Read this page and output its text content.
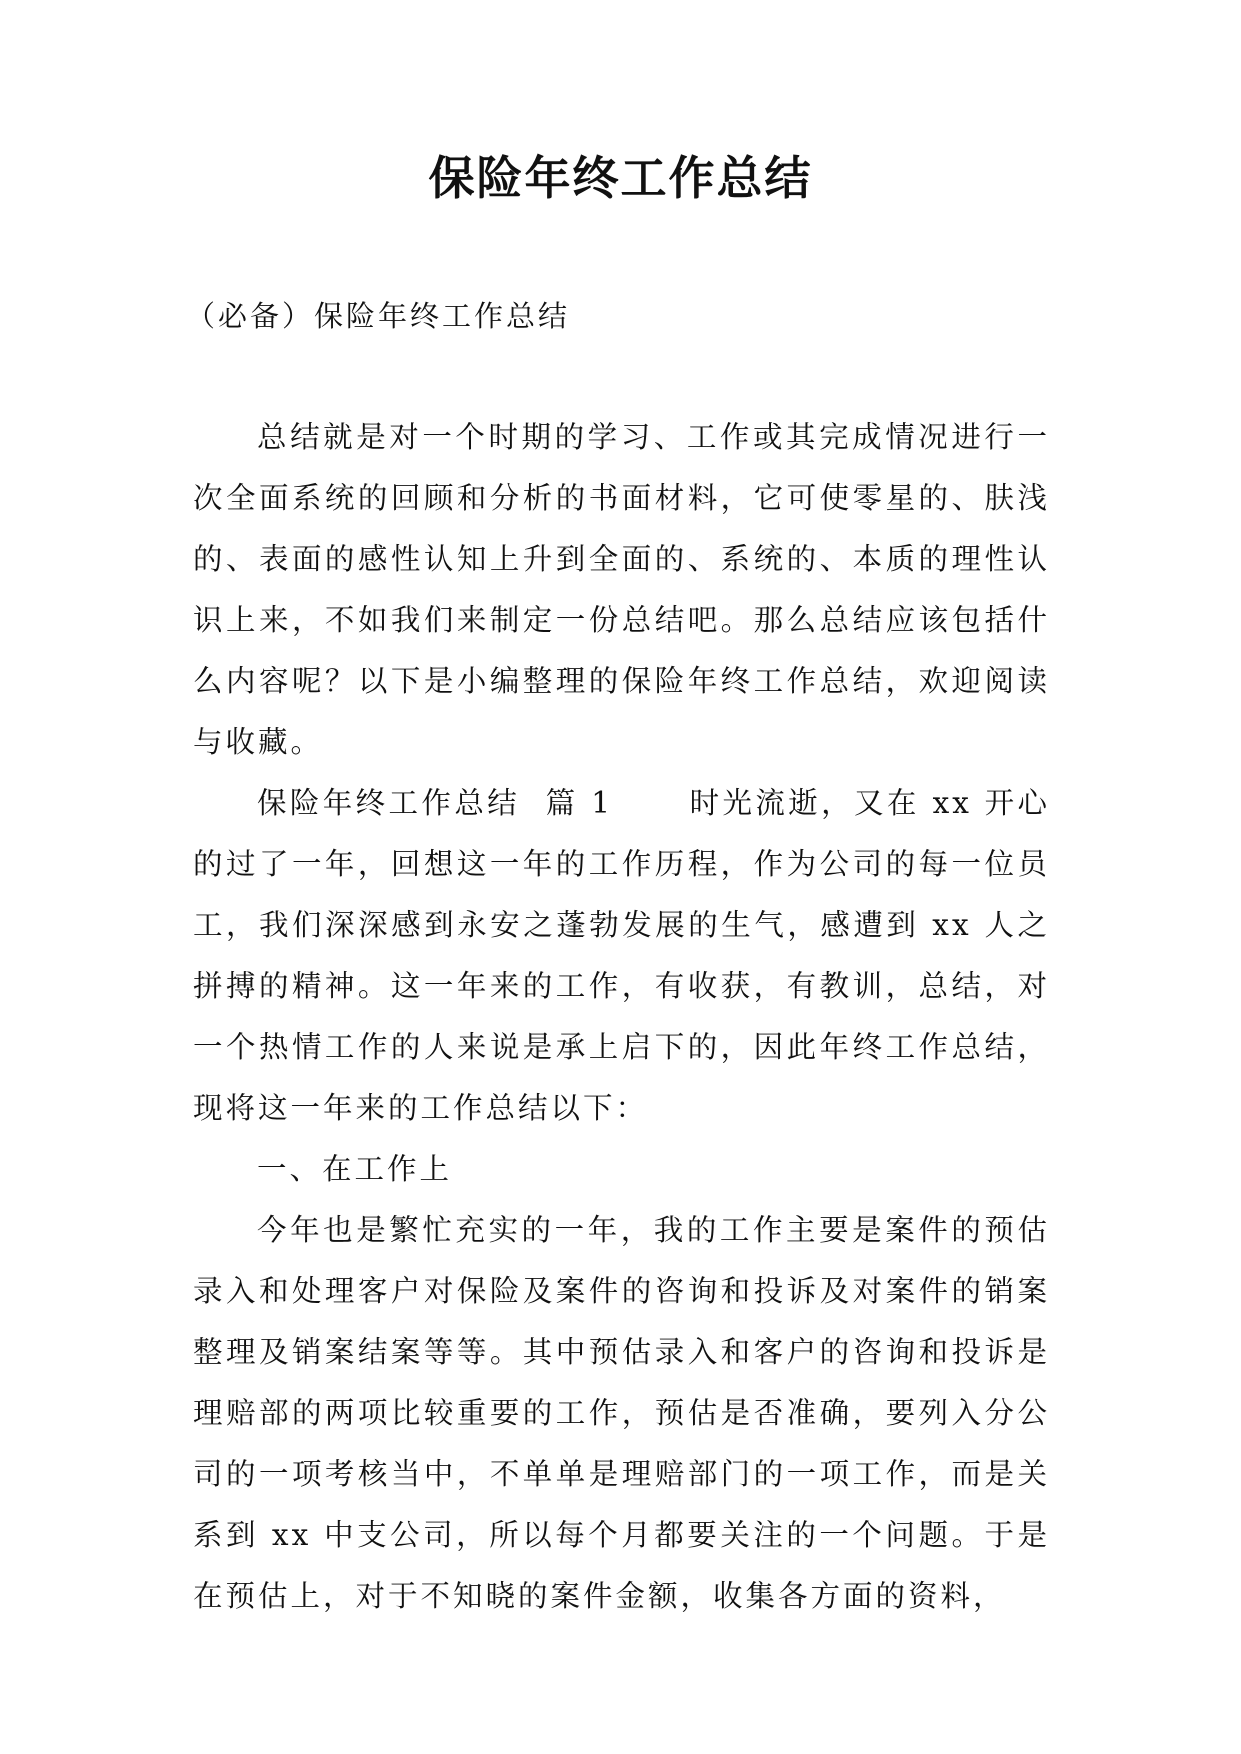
保险年终工作总结
（必备）保险年终工作总结

总结就是对一个时期的学习、工作或其完成情况进行一次全面系统的回顾和分析的书面材料，它可使零星的、肤浅的、表面的感性认知上升到全面的、系统的、本质的理性认识上来，不如我们来制定一份总结吧。那么总结应该包括什么内容呢？以下是小编整理的保险年终工作总结，欢迎阅读与收藏。

保险年终工作总结  篇 1      时光流逝，又在 xx 开心的过了一年，回想这一年的工作历程，作为公司的每一位员工，我们深深感到永安之蓬勃发展的生气，感遭到 xx 人之拼搏的精神。这一年来的工作，有收获，有教训，总结，对一个热情工作的人来说是承上启下的，因此年终工作总结，现将这一年来的工作总结以下：

一、在工作上

今年也是繁忙充实的一年，我的工作主要是案件的预估录入和处理客户对保险及案件的咨询和投诉及对案件的销案整理及销案结案等等。其中预估录入和客户的咨询和投诉是理赔部的两项比较重要的工作，预估是否准确，要列入分公司的一项考核当中，不单单是理赔部门的一项工作，而是关系到 xx 中支公司，所以每个月都要关注的一个问题。于是在预估上，对于不知晓的案件金额，收集各方面的资料，
